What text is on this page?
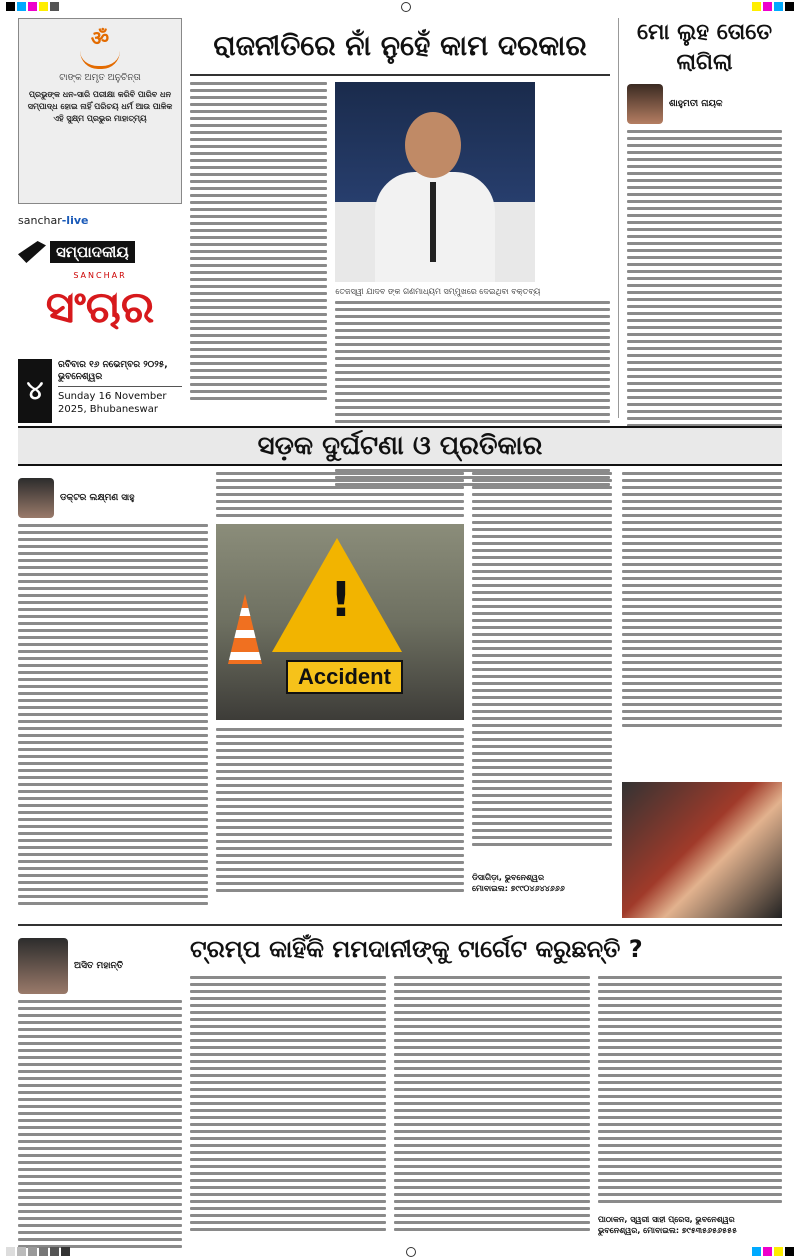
ॐ
ଟାଙ୍କ ଅମୃତ ଅନୁଚିନ୍ତା
ପ୍ରଭୁଙ୍କ ଧନ-ସାରି ପରୀକ୍ଷା କରିବି ପାରିବ ଧନ ସମ୍ପାଦ୍ଧ ହୋଇ ନାହିଁ ପରିଚୟ ଧର୍ମ ଆଉ ପାଳିକ ଏହି ସୁକ୍ଷ୍ମ ପ୍ରଭୁର ମାହାତ୍ମ୍ୟ
sanchar-live
ସମ୍ପାଦକୀୟ
SANCHAR
ସଂଚାର
୪
ରବିବାର ୧୬ ନଭେମ୍ବର ୨୦୨୫, ଭୁବନେଶ୍ୱର
Sunday 16 November 2025, Bhubaneswar
ରାଜନୀତିରେ ନାଁ ନୁହେଁ କାମ ଦରକାର
ତେଜସ୍ୱୀ ଯାଦବ ଙ୍କ ଗଣମାଧ୍ୟମ ସମ୍ମୁଖରେ ଦେଇଥିବା ବକ୍ତବ୍ୟ
ମୋ ଲୁହ ତୋତେ ଲାଗିଲା
ଶାହୁମତୀ ନାୟକ
ସଡ଼କ ଦୁର୍ଘଟଣା ଓ ପ୍ରତିକାର
ଡକ୍ଟର ଲକ୍ଷ୍ମଣ ସାହୁ
!
Accident
ଡିସାଗିଡ଼ା, ଭୁବନେଶ୍ୱର
ମୋବାଇଲ: ୭୯୯୦୪୬୪୪୬୬୬
ଅସିତ ମହାନ୍ତି
ଟ୍ରମ୍ପ କାହିଁକି ମମଦାନୀଙ୍କୁ ଟାର୍ଗେଟ କରୁଛନ୍ତି ?
ପାଠାକନ, ସ୍ୱରୀ ସାହୀ ପ୍ରେସ, ଭୁବନେଶ୍ୱର
ଭୁବନେଶ୍ୱର, ମୋବାଇଲ: ୭୯୫୩୫୬୫୬୫୫୫
